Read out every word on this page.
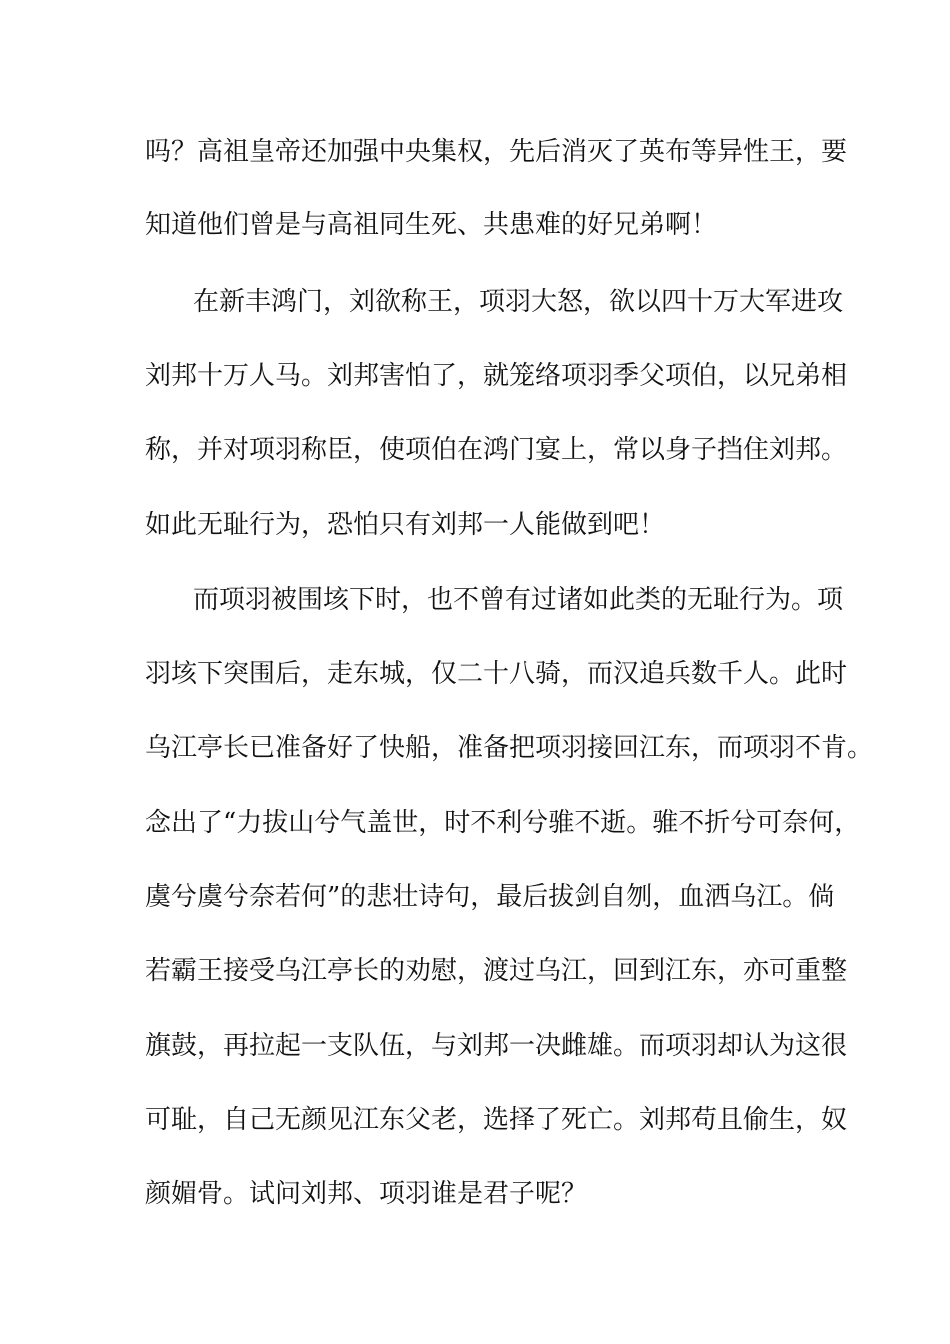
吗？高祖皇帝还加强中央集权，先后消灭了英布等异性王，要
知道他们曾是与高祖同生死、共患难的好兄弟啊！
在新丰鸿门，刘欲称王，项羽大怒，欲以四十万大军进攻
刘邦十万人马。刘邦害怕了，就笼络项羽季父项伯，以兄弟相
称，并对项羽称臣，使项伯在鸿门宴上，常以身子挡住刘邦。
如此无耻行为，恐怕只有刘邦一人能做到吧！
而项羽被围垓下时，也不曾有过诸如此类的无耻行为。项
羽垓下突围后，走东城，仅二十八骑，而汉追兵数千人。此时
乌江亭长已准备好了快船，准备把项羽接回江东，而项羽不肯。
念出了“力拔山兮气盖世，时不利兮骓不逝。骓不折兮可奈何，
虞兮虞兮奈若何”的悲壮诗句，最后拔剑自刎，血洒乌江。倘
若霸王接受乌江亭长的劝慰，渡过乌江，回到江东，亦可重整
旗鼓，再拉起一支队伍，与刘邦一决雌雄。而项羽却认为这很
可耻，自己无颜见江东父老，选择了死亡。刘邦苟且偷生，奴
颜媚骨。试问刘邦、项羽谁是君子呢？
